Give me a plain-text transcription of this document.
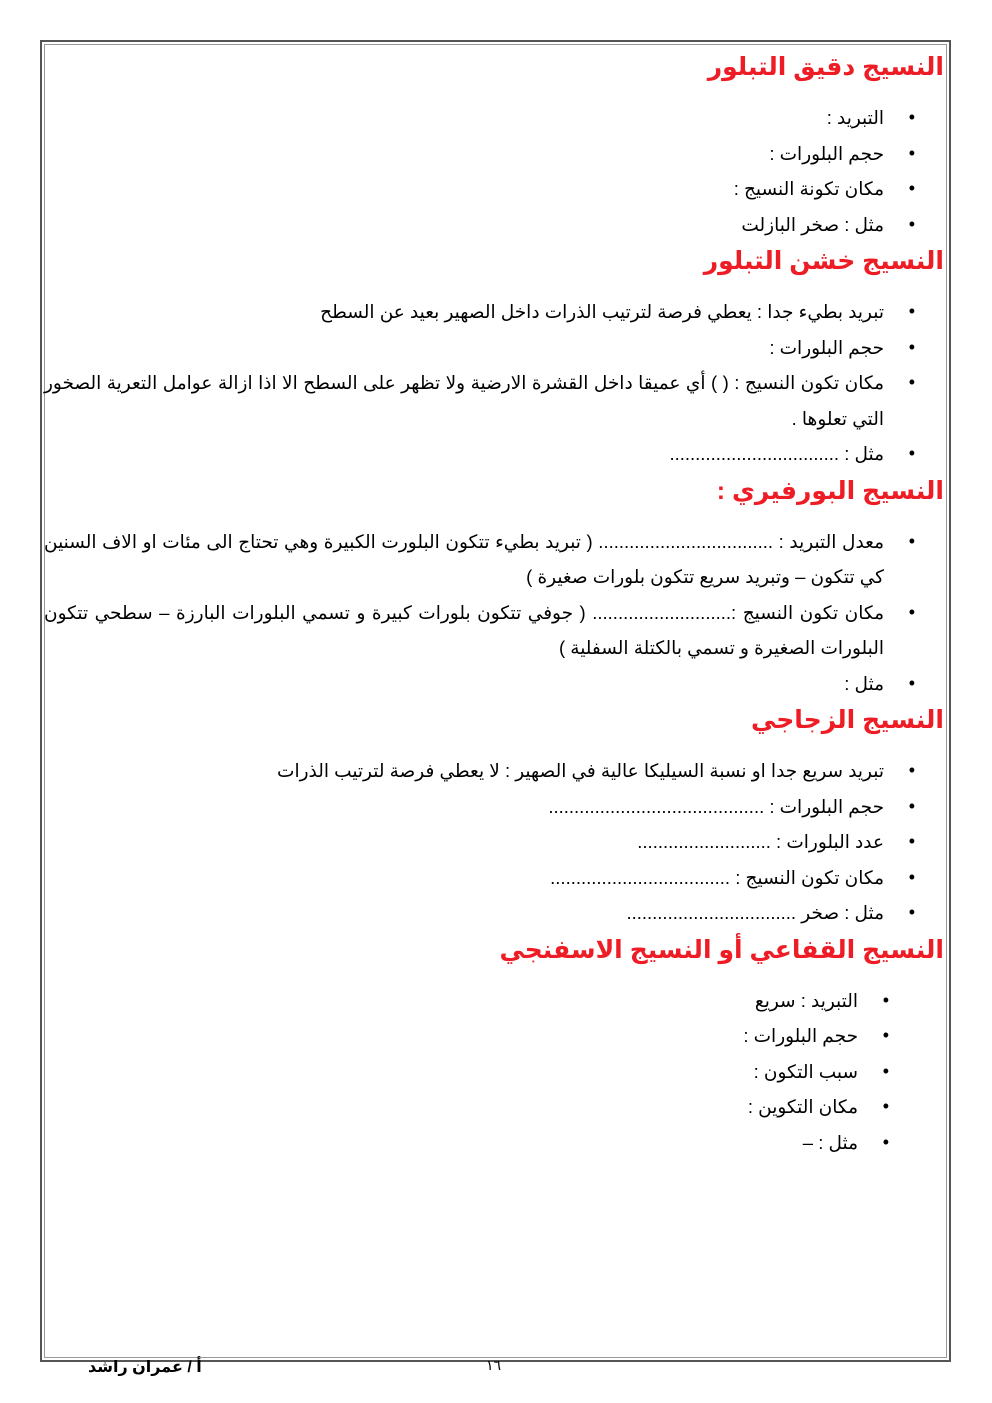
النسيج دقيق التبلور
• التبريد :
• حجم البلورات :
• مكان تكونة النسيج :
• مثل : صخر البازلت
النسيج خشن التبلور
• تبريد بطيء جدا : يعطي فرصة لترتيب الذرات داخل الصهير بعيد عن السطح
• حجم البلورات :
• مكان تكون النسيج : ( ) أي عميقا داخل القشرة الارضية ولا تظهر على السطح الا اذا ازالة عوامل التعرية الصخور التي تعلوها .
• مثل : .................................
النسيج البورفيري :
• معدل التبريد : .................................. ( تبريد بطيء تتكون البلورت الكبيرة وهي تحتاج الى مئات او الاف السنين كي تتكون – وتبريد سريع تتكون بلورات صغيرة )
• مكان تكون النسيج :........................... ( جوفي تتكون بلورات كبيرة و تسمي البلورات البارزة – سطحي تتكون البلورات الصغيرة و تسمي بالكتلة السفلية )
• مثل :
النسيج الزجاجي
• تبريد سريع جدا او نسبة السيليكا عالية في الصهير : لا يعطي فرصة لترتيب الذرات
• حجم البلورات : ..........................................
• عدد البلورات : ..........................
• مكان تكون النسيج : ...................................
• مثل : صخر .................................
النسيج القفاعي أو النسيج الاسفنجي
• التبريد : سريع
• حجم البلورات :
• سبب التكون :
• مكان التكوين :
• مثل : –
أ / عمران راشد	١٦
